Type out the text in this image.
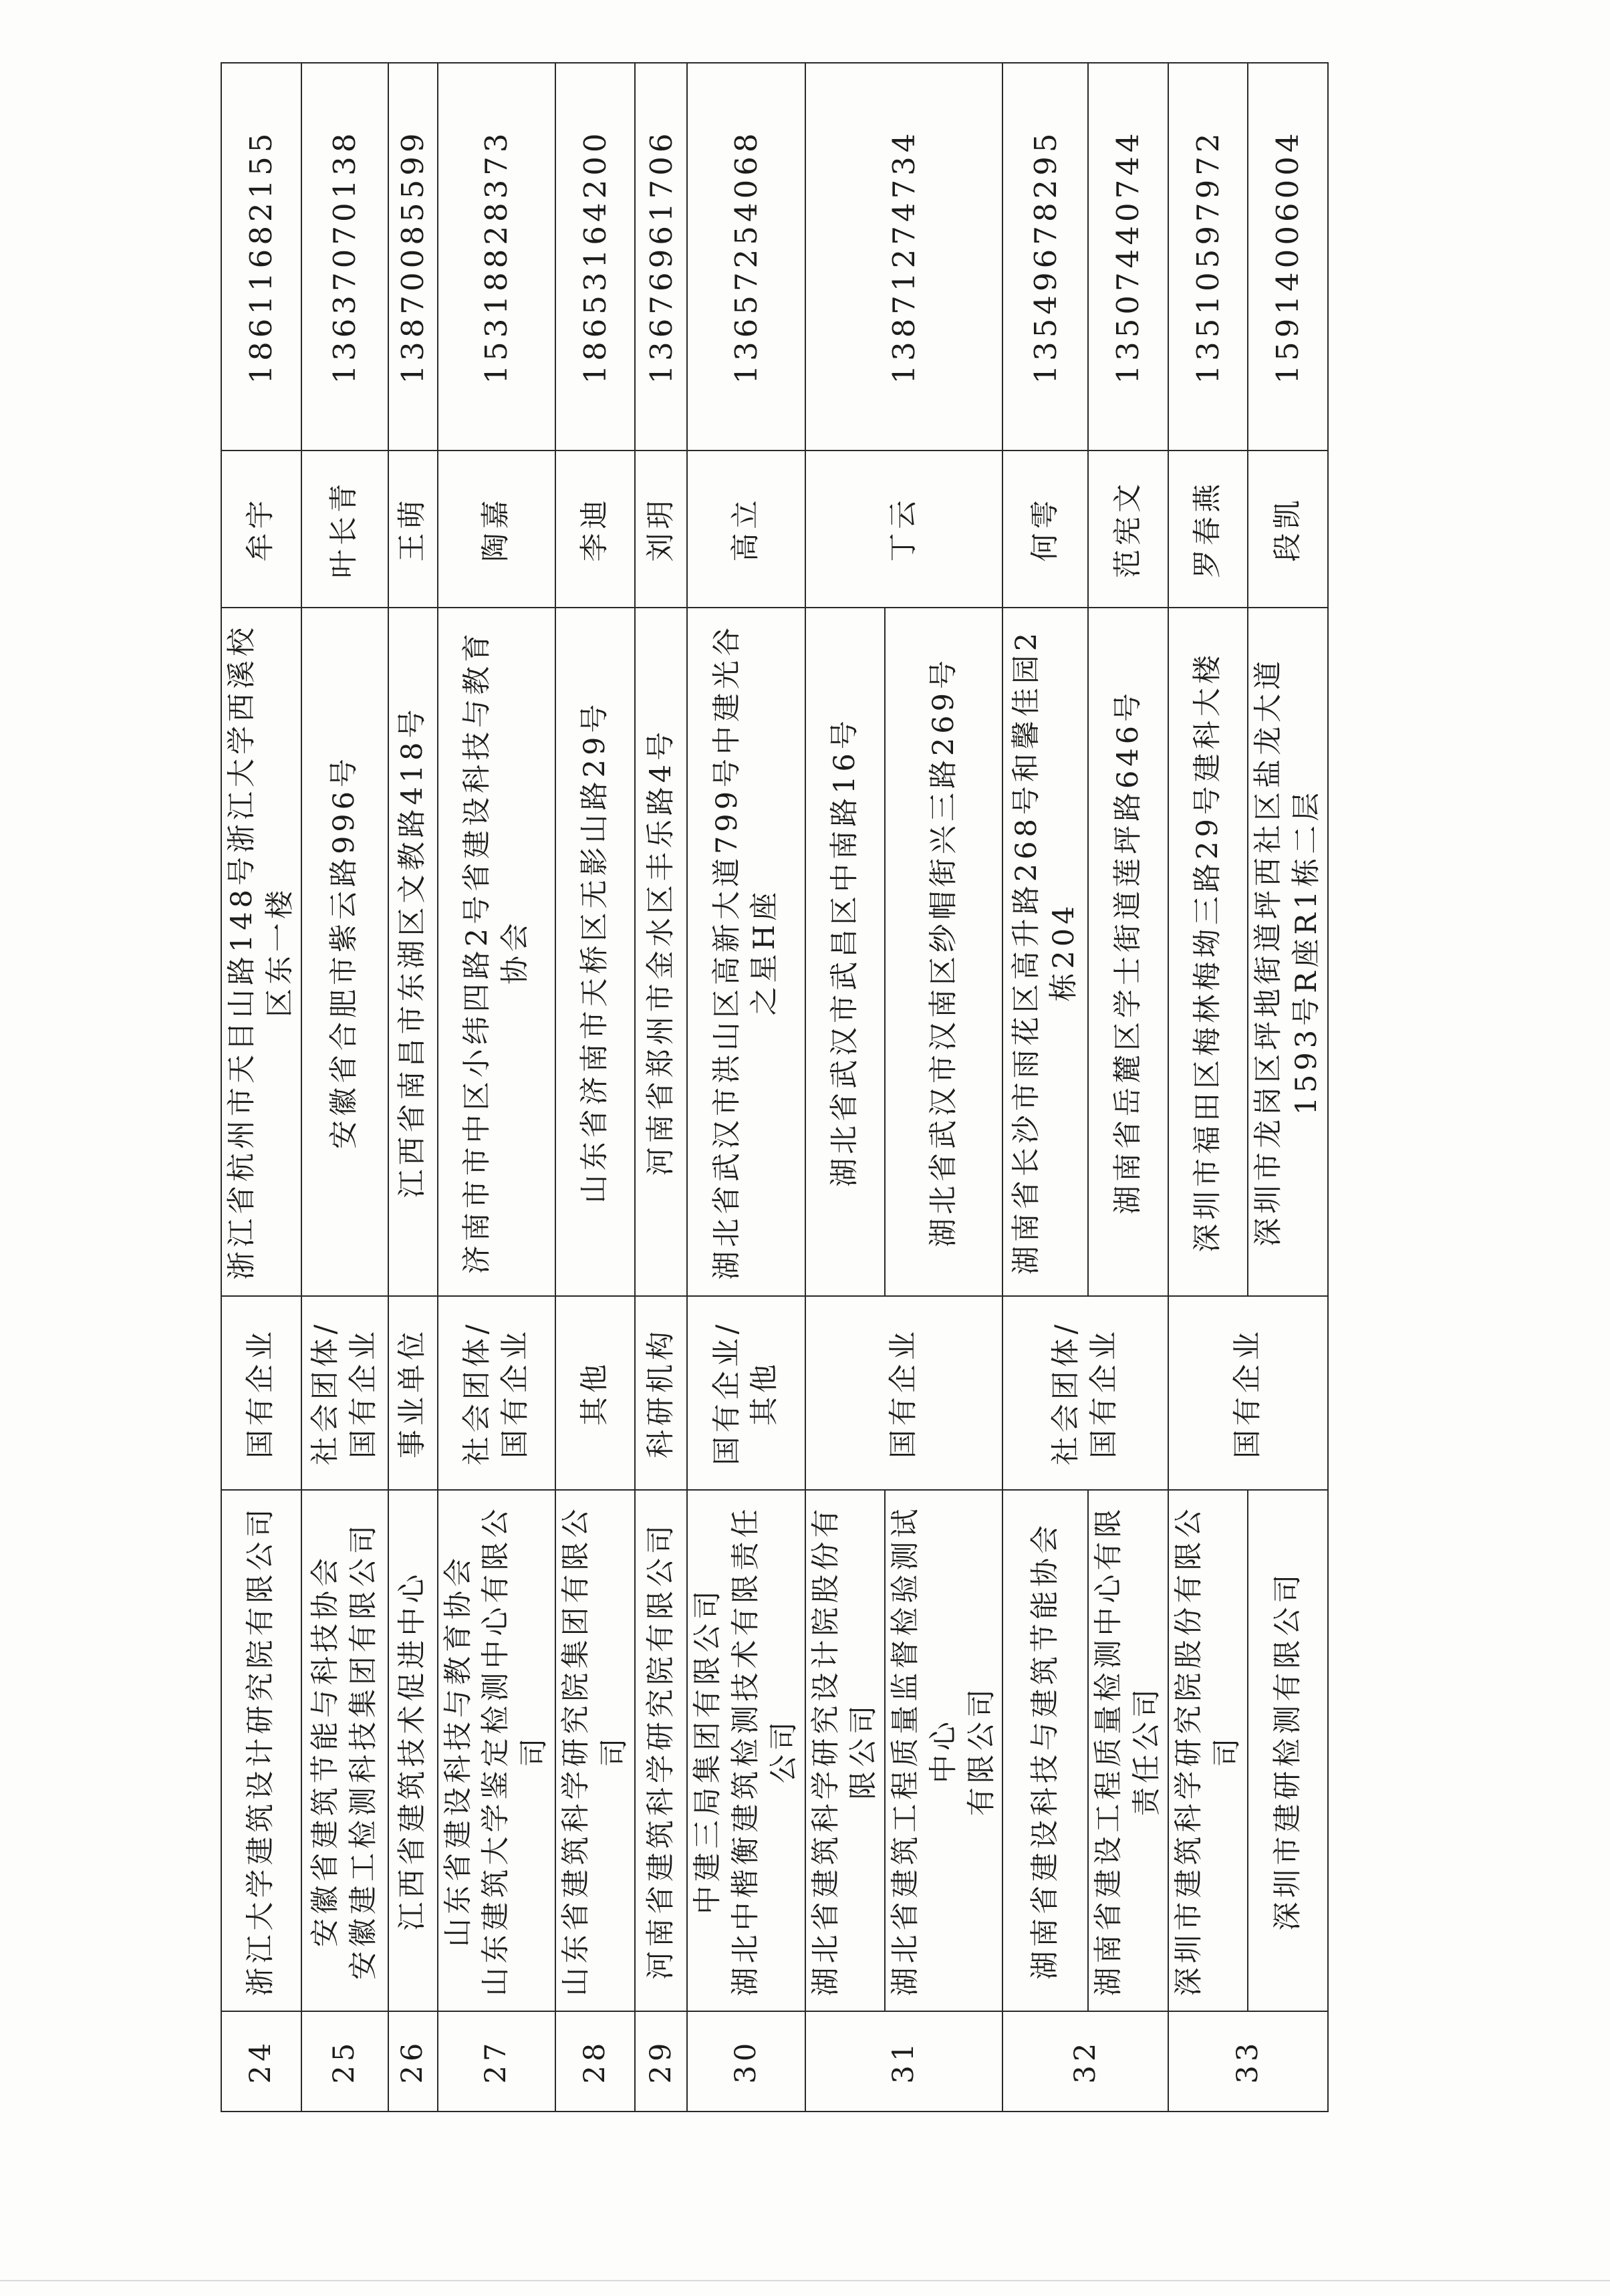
24	浙江大学建筑设计研究院有限公司	国有企业	浙江省杭州市天目山路148号浙江大学西溪校 区东一楼	牟宇	18611682155
25	安徽省建筑节能与科技协会 安徽建工检测科技集团有限公司	社会团体/ 国有企业	安徽省合肥市紫云路996号	叶长青	13637070138
26	江西省建筑技术促进中心	事业单位	江西省南昌市东湖区文教路418号	王萌	13870085599
27	山东省建设科技与教育协会 山东建筑大学鉴定检测中心有限公司	社会团体/ 国有企业	济南市市中区小纬四路2号省建设科技与教育 协会	陶嘉	15318828373
28	山东省建筑科学研究院集团有限公司	其他	山东省济南市天桥区无影山路29号	李迪	18653164200
29	河南省建筑科学研究院有限公司	科研机构	河南省郑州市金水区丰乐路4号	刘玥	13676961706
30	中建三局集团有限公司 湖北中楷衡建筑检测技术有限责任公司	国有企业/ 其他	湖北省武汉市洪山区高新大道799号中建光谷 之星H座	高立	13657254068
31	湖北省建筑科学研究设计院股份有限公司	国有企业	湖北省武汉市武昌区中南路16号	丁云	13871274734

	湖北省建筑工程质量监督检验测试中心 有限公司		湖北省武汉市汉南区纱帽街兴三路269号		

32	湖南省建设科技与建筑节能协会	社会团体/ 国有企业	湖南省长沙市雨花区高升路268号和馨佳园2 栋204	何雩	13549678295

	湖南省建设工程质量检测中心有限责任公司		湖南省岳麓区学士街道莲坪路646号	范宪文	13507440744
33	深圳市建筑科学研究院股份有限公司	国有企业	深圳市福田区梅林梅坳三路29号建科大楼	罗春燕	13510597972

	深圳市建研检测有限公司		深圳市龙岗区坪地街道坪西社区盐龙大道 1593号R座R1栋二层	段凯	15914006004
